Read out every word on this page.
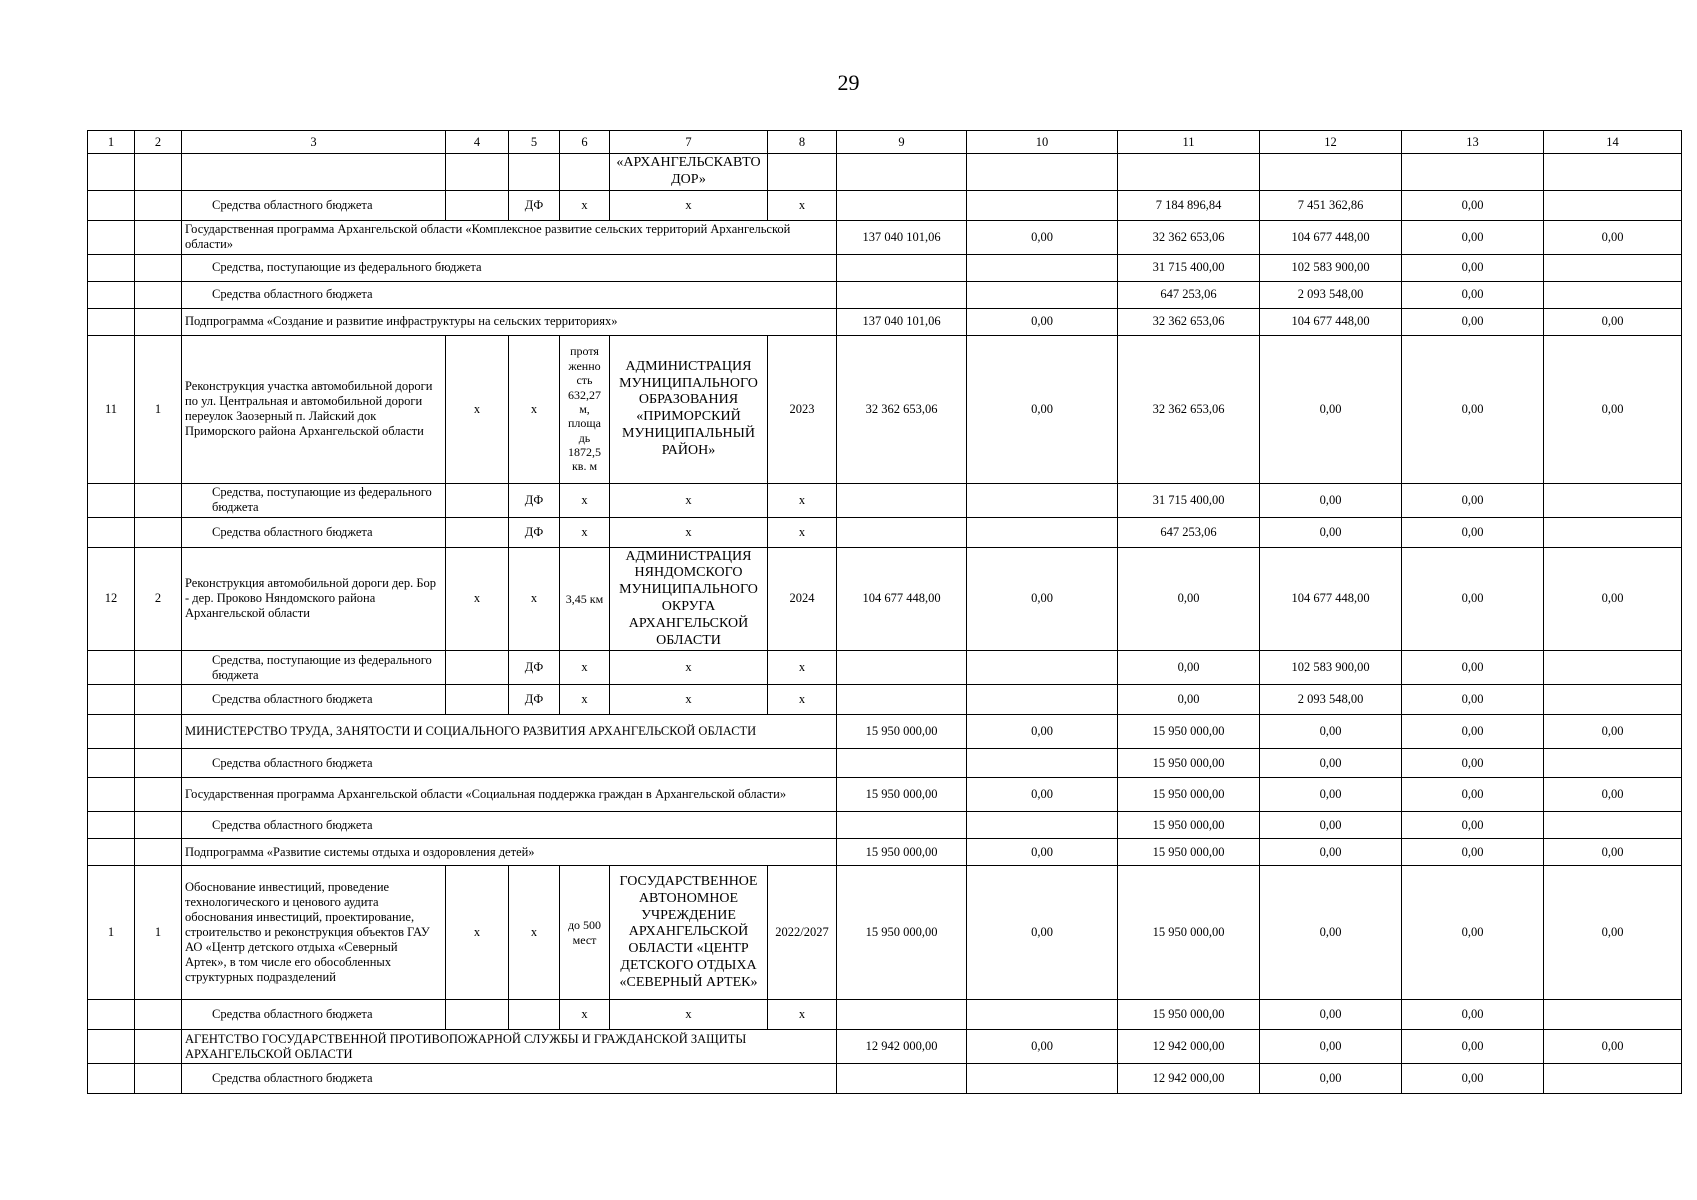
29
1	2	3	4	5	6	7	8	9	10	11	12	13	14
						«АРХАНГЕЛЬСКАВТО ДОР»							
		Средства областного бюджета		ДФ	x	x	x			7 184 896,84	7 451 362,86	0,00	
		Государственная программа Архангельской области «Комплексное развитие сельских территорий Архангельской области»						137 040 101,06	0,00	32 362 653,06	104 677 448,00	0,00	0,00
		Средства, поступающие из федерального бюджета								31 715 400,00	102 583 900,00	0,00	
		Средства областного бюджета								647 253,06	2 093 548,00	0,00	
		Подпрограмма «Создание и развитие инфраструктуры на сельских территориях»						137 040 101,06	0,00	32 362 653,06	104 677 448,00	0,00	0,00
11	1	Реконструкция участка автомобильной дороги по ул. Центральная и автомобильной дороги переулок Заозерный п. Лайский док Приморского района Архангельской области	x	x	протя женно сть 632,27 м, площа дь 1872,5 кв. м	АДМИНИСТРАЦИЯ МУНИЦИПАЛЬНОГО ОБРАЗОВАНИЯ «ПРИМОРСКИЙ МУНИЦИПАЛЬНЫЙ РАЙОН»	2023	32 362 653,06	0,00	32 362 653,06	0,00	0,00	0,00
		Средства, поступающие из федерального бюджета		ДФ	x	x	x			31 715 400,00	0,00	0,00	
		Средства областного бюджета		ДФ	x	x	x			647 253,06	0,00	0,00	
12	2	Реконструкция автомобильной дороги дер. Бор - дер. Проково Няндомского района Архангельской области	x	x	3,45 км	АДМИНИСТРАЦИЯ НЯНДОМСКОГО МУНИЦИПАЛЬНОГО ОКРУГА АРХАНГЕЛЬСКОЙ ОБЛАСТИ	2024	104 677 448,00	0,00	0,00	104 677 448,00	0,00	0,00
		Средства, поступающие из федерального бюджета		ДФ	x	x	x			0,00	102 583 900,00	0,00	
		Средства областного бюджета		ДФ	x	x	x			0,00	2 093 548,00	0,00	
		МИНИСТЕРСТВО ТРУДА, ЗАНЯТОСТИ И СОЦИАЛЬНОГО РАЗВИТИЯ АРХАНГЕЛЬСКОЙ ОБЛАСТИ						15 950 000,00	0,00	15 950 000,00	0,00	0,00	0,00
		Средства областного бюджета								15 950 000,00	0,00	0,00	
		Государственная программа Архангельской области «Социальная поддержка граждан в Архангельской области»						15 950 000,00	0,00	15 950 000,00	0,00	0,00	0,00
		Средства областного бюджета								15 950 000,00	0,00	0,00	
		Подпрограмма «Развитие системы отдыха и оздоровления детей»						15 950 000,00	0,00	15 950 000,00	0,00	0,00	0,00
1	1	Обоснование инвестиций, проведение технологического и ценового аудита обоснования инвестиций, проектирование, строительство и реконструкция объектов ГАУ АО «Центр детского отдыха «Северный Артек», в том числе его обособленных структурных подразделений	x	x	до 500 мест	ГОСУДАРСТВЕННОЕ АВТОНОМНОЕ УЧРЕЖДЕНИЕ АРХАНГЕЛЬСКОЙ ОБЛАСТИ «ЦЕНТР ДЕТСКОГО ОТДЫХА «СЕВЕРНЫЙ АРТЕК»	2022/2027	15 950 000,00	0,00	15 950 000,00	0,00	0,00	0,00
		Средства областного бюджета			x	x	x			15 950 000,00	0,00	0,00	
		АГЕНТСТВО ГОСУДАРСТВЕННОЙ ПРОТИВОПОЖАРНОЙ СЛУЖБЫ И ГРАЖДАНСКОЙ ЗАЩИТЫ АРХАНГЕЛЬСКОЙ ОБЛАСТИ						12 942 000,00	0,00	12 942 000,00	0,00	0,00	0,00
		Средства областного бюджета								12 942 000,00	0,00	0,00	
